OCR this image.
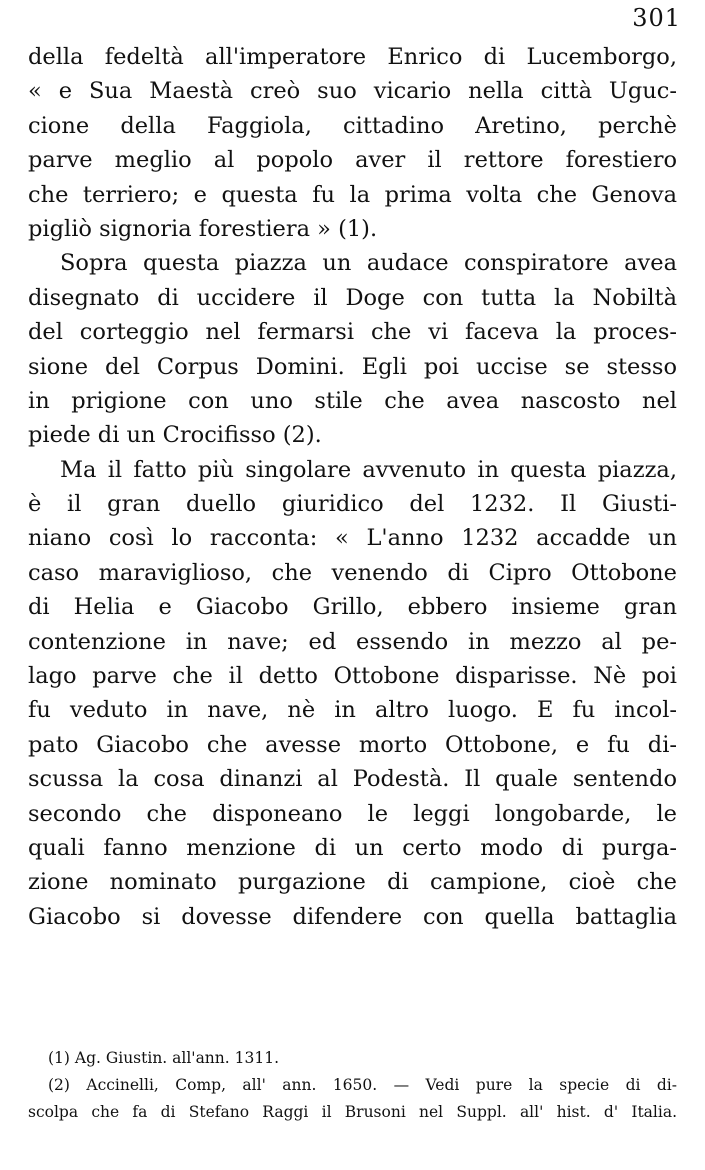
301
della fedeltà all'imperatore Enrico di Lucemborgo,
« e Sua Maestà creò suo vicario nella città Uguc-
cione della Faggiola, cittadino Aretino, perchè
parve meglio al popolo aver il rettore forestiero
che terriero; e questa fu la prima volta che Genova
pigliò signoria forestiera » (1).
Sopra questa piazza un audace conspiratore avea
disegnato di uccidere il Doge con tutta la Nobiltà
del corteggio nel fermarsi che vi faceva la proces-
sione del Corpus Domini. Egli poi uccise se stesso
in prigione con uno stile che avea nascosto nel
piede di un Crocifisso (2).
Ma il fatto più singolare avvenuto in questa piazza,
è il gran duello giuridico del 1232. Il Giusti-
niano così lo racconta: « L'anno 1232 accadde un
caso maraviglioso, che venendo di Cipro Ottobone
di Helia e Giacobo Grillo, ebbero insieme gran
contenzione in nave; ed essendo in mezzo al pe-
lago parve che il detto Ottobone disparisse. Nè poi
fu veduto in nave, nè in altro luogo. E fu incol-
pato Giacobo che avesse morto Ottobone, e fu di-
scussa la cosa dinanzi al Podestà. Il quale sentendo
secondo che disponeano le leggi longobarde, le
quali fanno menzione di un certo modo di purga-
zione nominato purgazione di campione, cioè che
Giacobo si dovesse difendere con quella battaglia
(1) Ag. Giustin. all'ann. 1311.
(2) Accinelli, Comp, all' ann. 1650. — Vedi pure la specie di di-
scolpa che fa di Stefano Raggi il Brusoni nel Suppl. all' hist. d' Italia.
